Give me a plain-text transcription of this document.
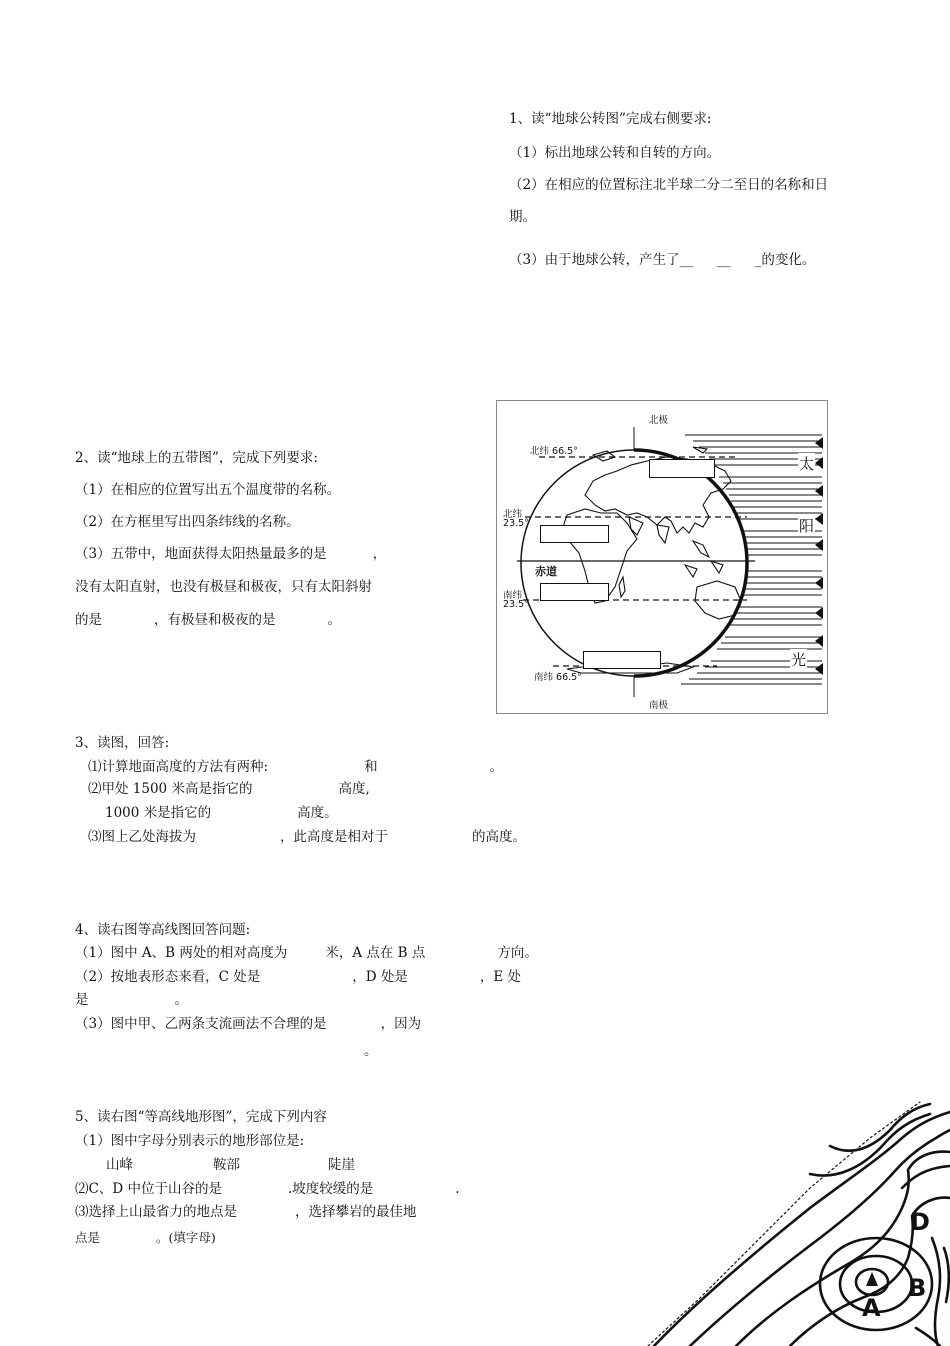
1、读“地球公转图”完成右侧要求:
（1）标出地球公转和自转的方向。
（2）在相应的位置标注北半球二分二至日的名称和日
期。
（3）由于地球公转，产生了__ __ _的变化。
2、读“地球上的五带图”，完成下列要求:
（1）在相应的位置写出五个温度带的名称。
（2）在方框里写出四条纬线的名称。
（3）五带中，地面获得太阳热量最多的是	，
没有太阳直射，也没有极昼和极夜，只有太阳斜射
的是	，有极昼和极夜的是	。
北极
南极
北纬 66.5°
北纬
23.5°
赤道
南纬
23.5°
南纬 66.5°
太
阳
光
3、读图，回答:
⑴计算地面高度的方法有两种:	和	。
⑵甲处 1500 米高是指它的	高度,
1000 米是指它的	高度。
⑶图上乙处海拔为	，此高度是相对于	的高度。
4、读右图等高线图回答问题:
（1）图中 A、B 两处的相对高度为	米，A 点在 B 点	方向。
（2）按地表形态来看，C 处是	，D 处是	，E 处
是	。
（3）图中甲、乙两条支流画法不合理的是	，因为
。
5、读右图“等高线地形图”，完成下列内容
（1）图中字母分别表示的地形部位是:
山峰	鞍部	陡崖
⑵C、D 中位于山谷的是	.坡度较缓的是	.
⑶选择上山最省力的地点是	，选择攀岩的最佳地
点是	。(填字母)
D
A
B
